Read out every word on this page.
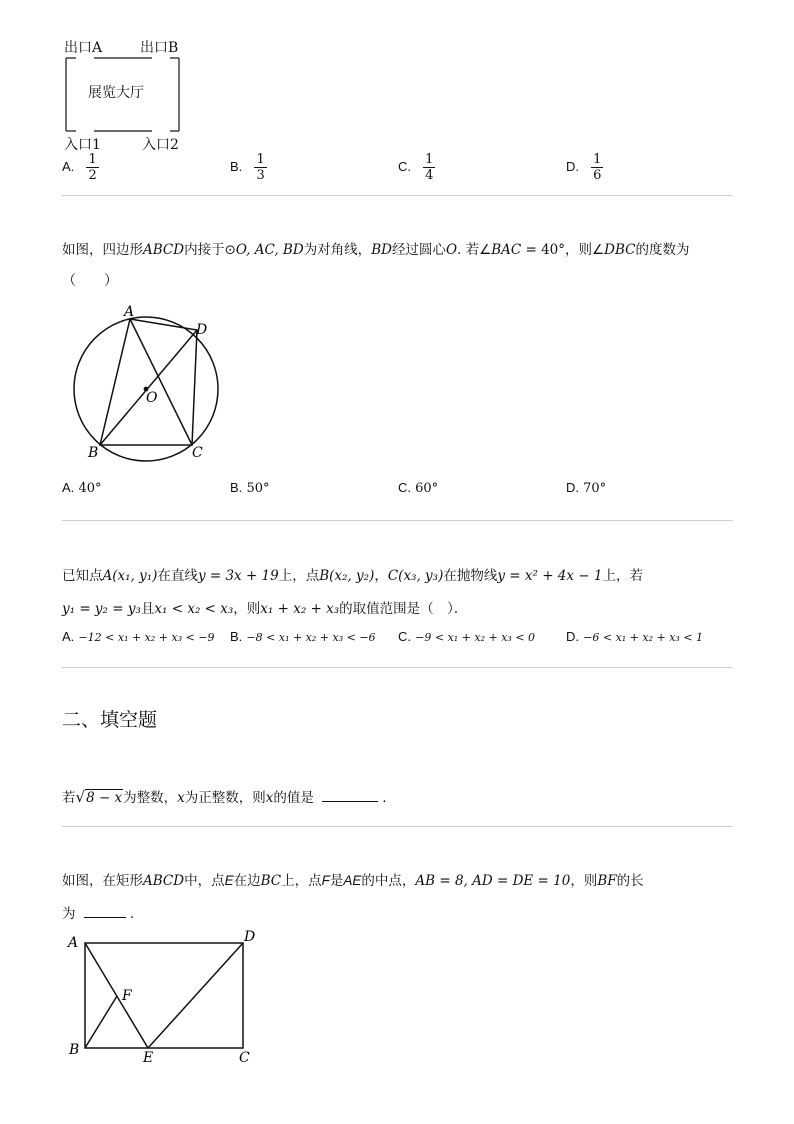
出口A	出口B
展览大厅
入口1	入口2
A. $\frac{1}{2}$	B. $\frac{1}{3}$	C. $\frac{1}{4}$	D. $\frac{1}{6}$
如图，四边形ABCD内接于⊙O, AC, BD为对角线，BD经过圆心O. 若∠BAC = 40°，则∠DBC的度数为
（　　）
A
D
O
B	C
A. 40°	B. 50°	C. 60°	D. 70°
已知点A(x₁, y₁)在直线y = 3x + 19上，点B(x₂, y₂)，C(x₃, y₃)在抛物线y = x² + 4x − 1上，若
y₁ = y₂ = y₃且x₁ < x₂ < x₃，则x₁ + x₂ + x₃的取值范围是（　）．
A. −12 < x₁ + x₂ + x₃ < −9 B. −8 < x₁ + x₂ + x₃ < −6 C. −9 < x₁ + x₂ + x₃ < 0 D. −6 < x₁ + x₂ + x₃ < 1
二、填空题
若√8 − x为整数，x为正整数，则x的值是	.
如图，在矩形ABCD中，点E在边BC上，点F是AE的中点，AB = 8, AD = DE = 10，则BF的长
为	.
A	D
F
B	E	C
